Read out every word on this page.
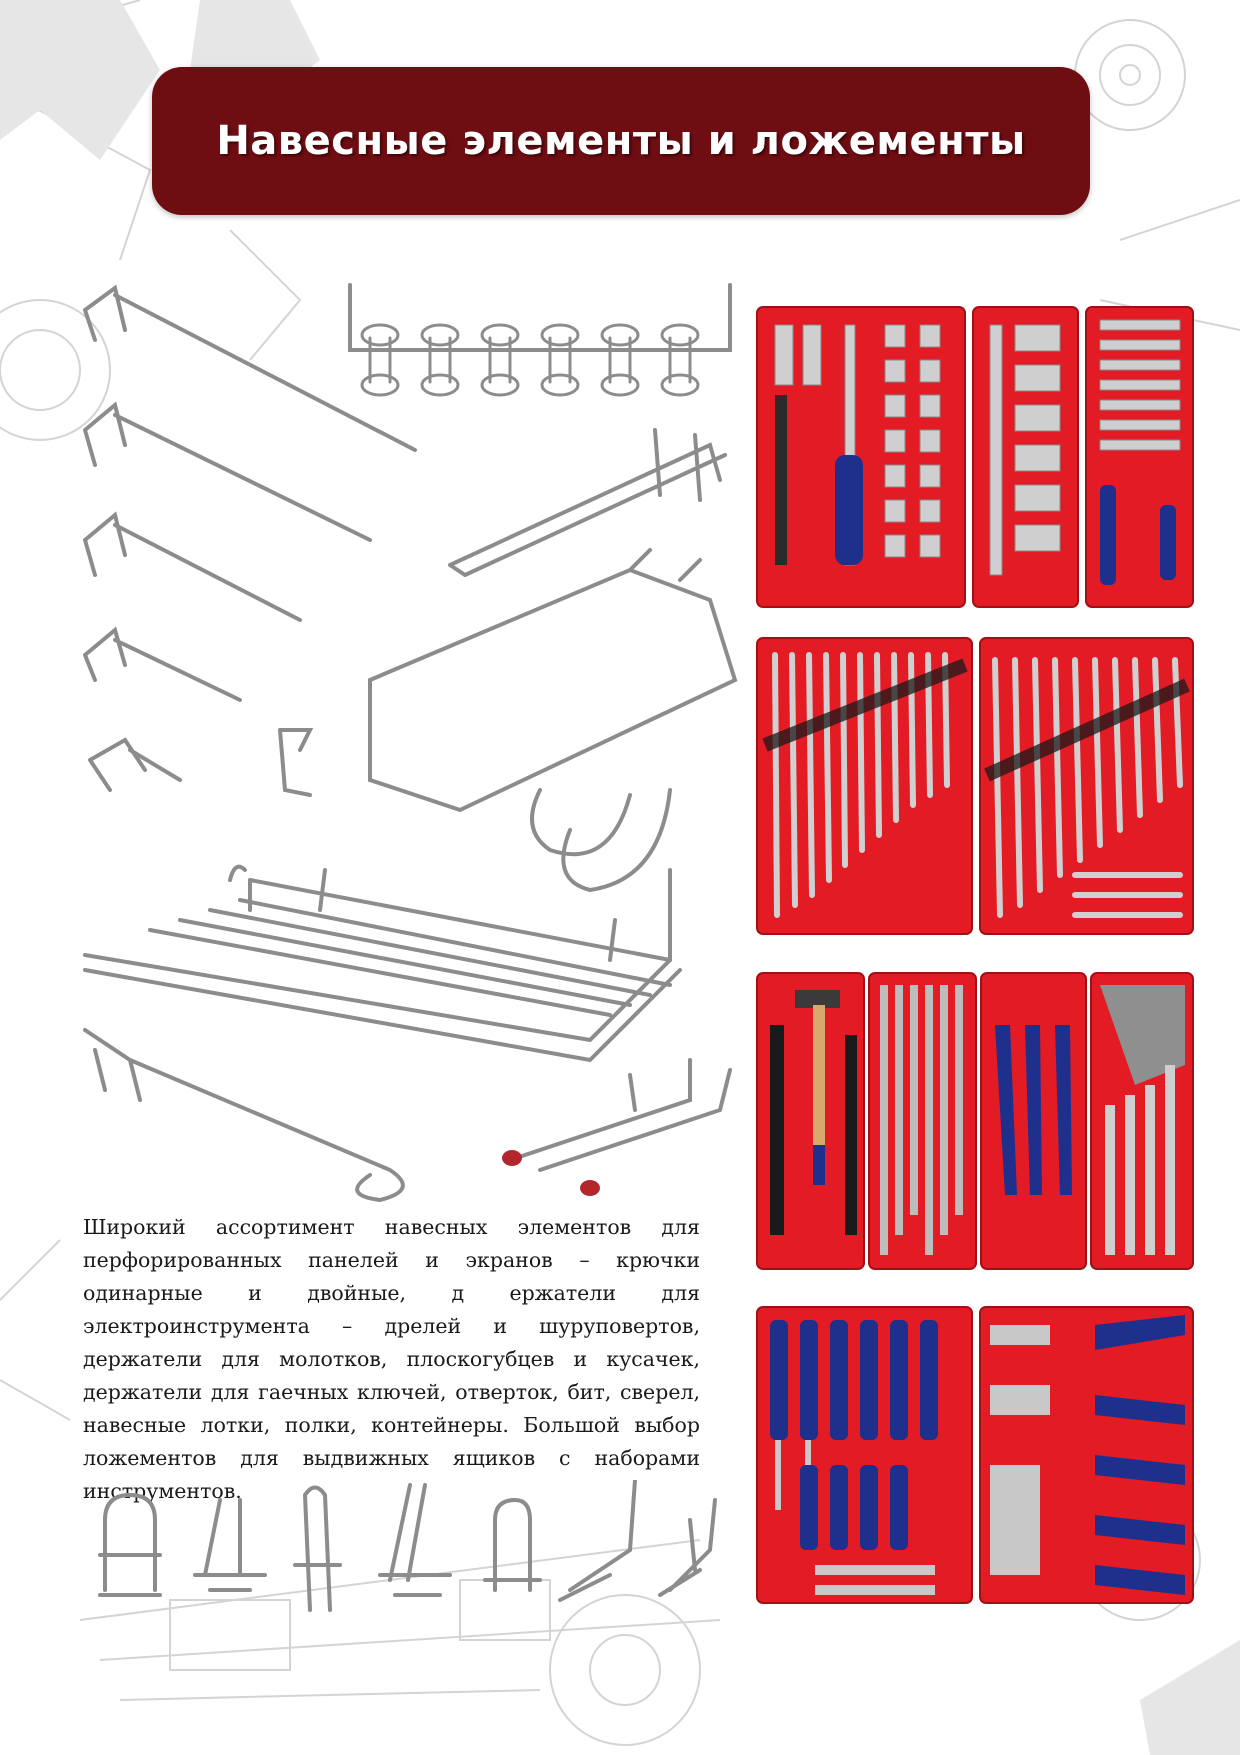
Навесные элементы и ложементы

Широкий ассортимент навесных элементов для перфорированных панелей и экранов – крючки одинарные и двойные, д ержатели для электроинструмента – дрелей и шуруповертов, держатели для молотков, плоскогубцев и кусачек, держатели для гаечных ключей, отверток, бит, сверел, навесные лотки, полки, контейнеры. Большой выбор ложементов для выдвижных ящиков с наборами инструментов.
